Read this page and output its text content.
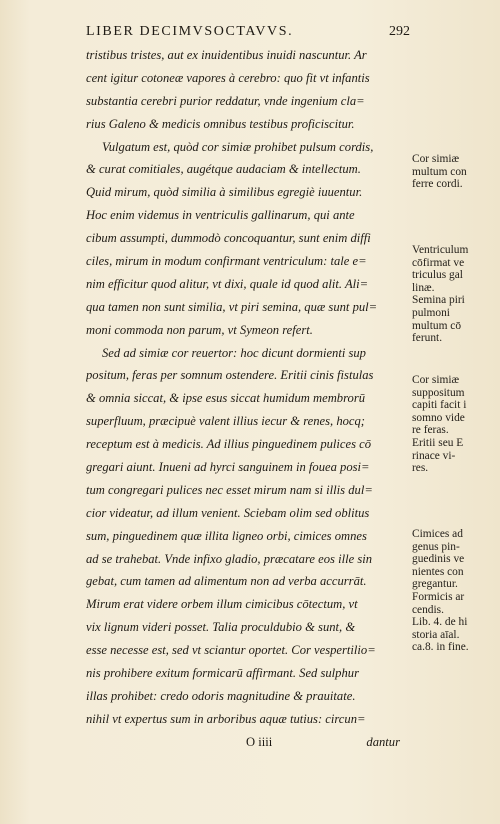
LIBER DECIMVSOCTAVVS.	292
tristibus tristes, aut ex inuidentibus inuidi nascuntur. Ar
cent igitur cotoneæ vapores à cerebro: quo fit vt infantis
substantia cerebri purior reddatur, vnde ingenium cla=
rius Galeno & medicis omnibus testibus proficiscitur.
Vulgatum est, quòd cor simiæ prohibet pulsum cordis,
& curat comitiales, augétque audaciam & intellectum.
Quid mirum, quòd similia à similibus egregiè iuuentur.
Hoc enim videmus in ventriculis gallinarum, qui ante
cibum assumpti, dummodò concoquantur, sunt enim diffi
ciles, mirum in modum confirmant ventriculum: tale e=
nim efficitur quod alitur, vt dixi, quale id quod alit. Ali=
qua tamen non sunt similia, vt piri semina, quæ sunt pul=
moni commoda non parum, vt Symeon refert.
Sed ad simiæ cor reuertor: hoc dicunt dormienti sup
positum, feras per somnum ostendere. Eritii cinis fistulas
& omnia siccat, & ipse esus siccat humidum membrorū
superfluum, præcipuè valent illius iecur & renes, hocq;
receptum est à medicis. Ad illius pinguedinem pulices cō
gregari aiunt. Inueni ad hyrci sanguinem in fouea posi=
tum congregari pulices nec esset mirum nam si illis dul=
cior videatur, ad illum venient. Sciebam olim sed oblitus
sum, pinguedinem quæ illita ligneo orbi, cimices omnes
ad se trahebat. Vnde infixo gladio, præcatare eos ille sin
gebat, cum tamen ad alimentum non ad verba accurrāt.
Mirum erat videre orbem illum cimicibus cōtectum, vt
vix lignum videri posset. Talia proculdubio & sunt, &
esse necesse est, sed vt sciantur oportet. Cor vespertilio=
nis prohibere exitum formicarū affirmant. Sed sulphur
illas prohibet: credo odoris magnitudine & prauitate.
nihil vt expertus sum in arboribus aquæ tutius: circun=
O iiii	dantur
Cor simiæ
multum con
ferre cordi.
Ventriculum
cōfirmat ve
triculus gal
linæ.
Semina piri
pulmoni
multum cō
ferunt.
Cor simiæ
suppositum
capiti facit i
somno vide
re feras.
Eritii seu E
rinace vi-
res.
Cimices ad
genus pin-
guedinis ve
nientes con
gregantur.
Formicis ar
cendis.
Lib. 4. de hi
storia aīal.
ca.8. in fine.
